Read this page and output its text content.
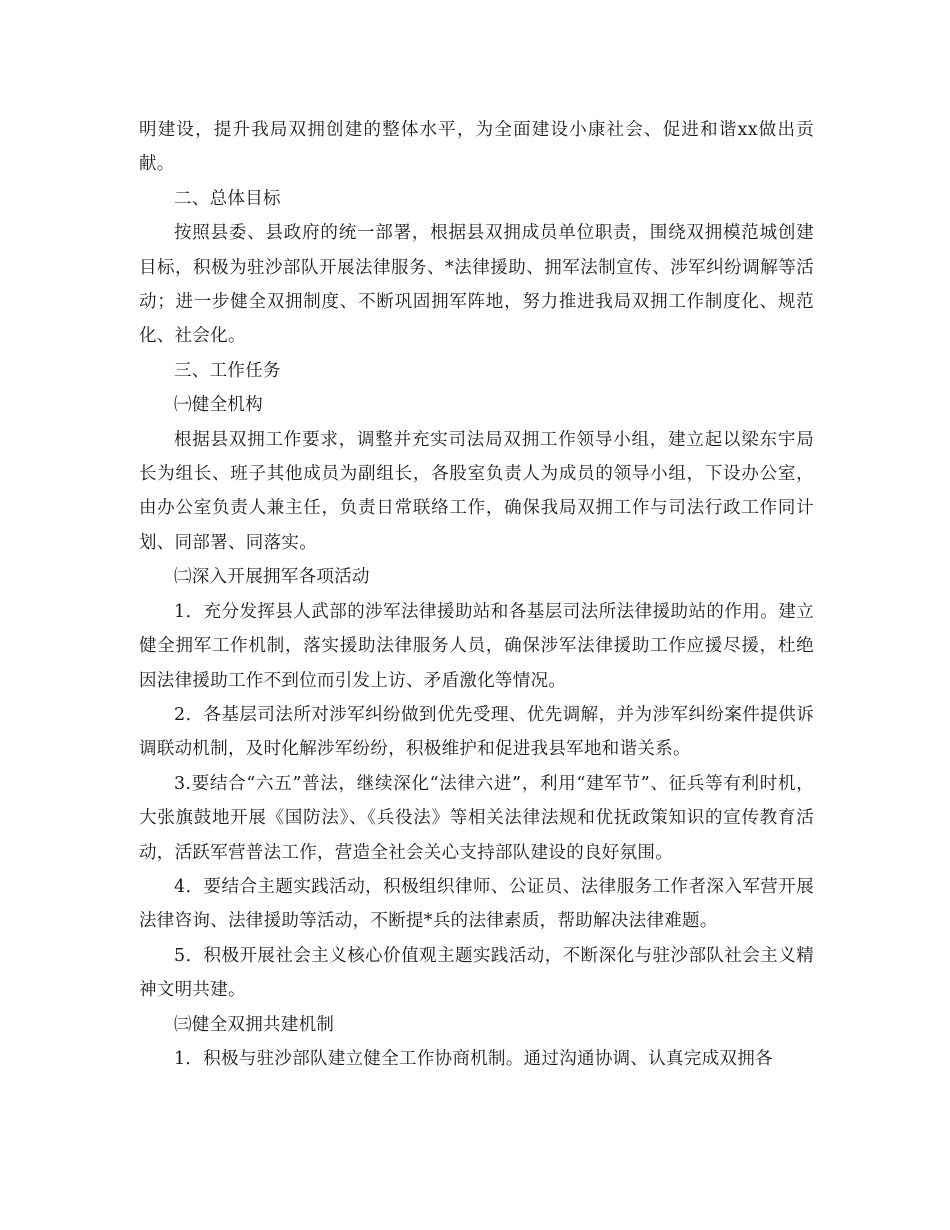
明建设，提升我局双拥创建的整体水平，为全面建设小康社会、促进和谐xx做出贡献。

二、总体目标

按照县委、县政府的统一部署，根据县双拥成员单位职责，围绕双拥模范城创建目标，积极为驻沙部队开展法律服务、*法律援助、拥军法制宣传、涉军纠纷调解等活动；进一步健全双拥制度、不断巩固拥军阵地，努力推进我局双拥工作制度化、规范化、社会化。

三、工作任务

㈠健全机构

根据县双拥工作要求，调整并充实司法局双拥工作领导小组，建立起以梁东宇局长为组长、班子其他成员为副组长，各股室负责人为成员的领导小组，下设办公室，由办公室负责人兼主任，负责日常联络工作，确保我局双拥工作与司法行政工作同计划、同部署、同落实。

㈡深入开展拥军各项活动

1．充分发挥县人武部的涉军法律援助站和各基层司法所法律援助站的作用。建立健全拥军工作机制，落实援助法律服务人员，确保涉军法律援助工作应援尽援，杜绝因法律援助工作不到位而引发上访、矛盾激化等情况。

2．各基层司法所对涉军纠纷做到优先受理、优先调解，并为涉军纠纷案件提供诉调联动机制，及时化解涉军纷纷，积极维护和促进我县军地和谐关系。

3.要结合“六五”普法，继续深化“法律六进”，利用“建军节”、征兵等有利时机，大张旗鼓地开展《国防法》、《兵役法》等相关法律法规和优抚政策知识的宣传教育活动，活跃军营普法工作，营造全社会关心支持部队建设的良好氛围。

4．要结合主题实践活动，积极组织律师、公证员、法律服务工作者深入军营开展法律咨询、法律援助等活动，不断提*兵的法律素质，帮助解决法律难题。

5．积极开展社会主义核心价值观主题实践活动，不断深化与驻沙部队社会主义精神文明共建。

㈢健全双拥共建机制

1．积极与驻沙部队建立健全工作协商机制。通过沟通协调、认真完成双拥各
